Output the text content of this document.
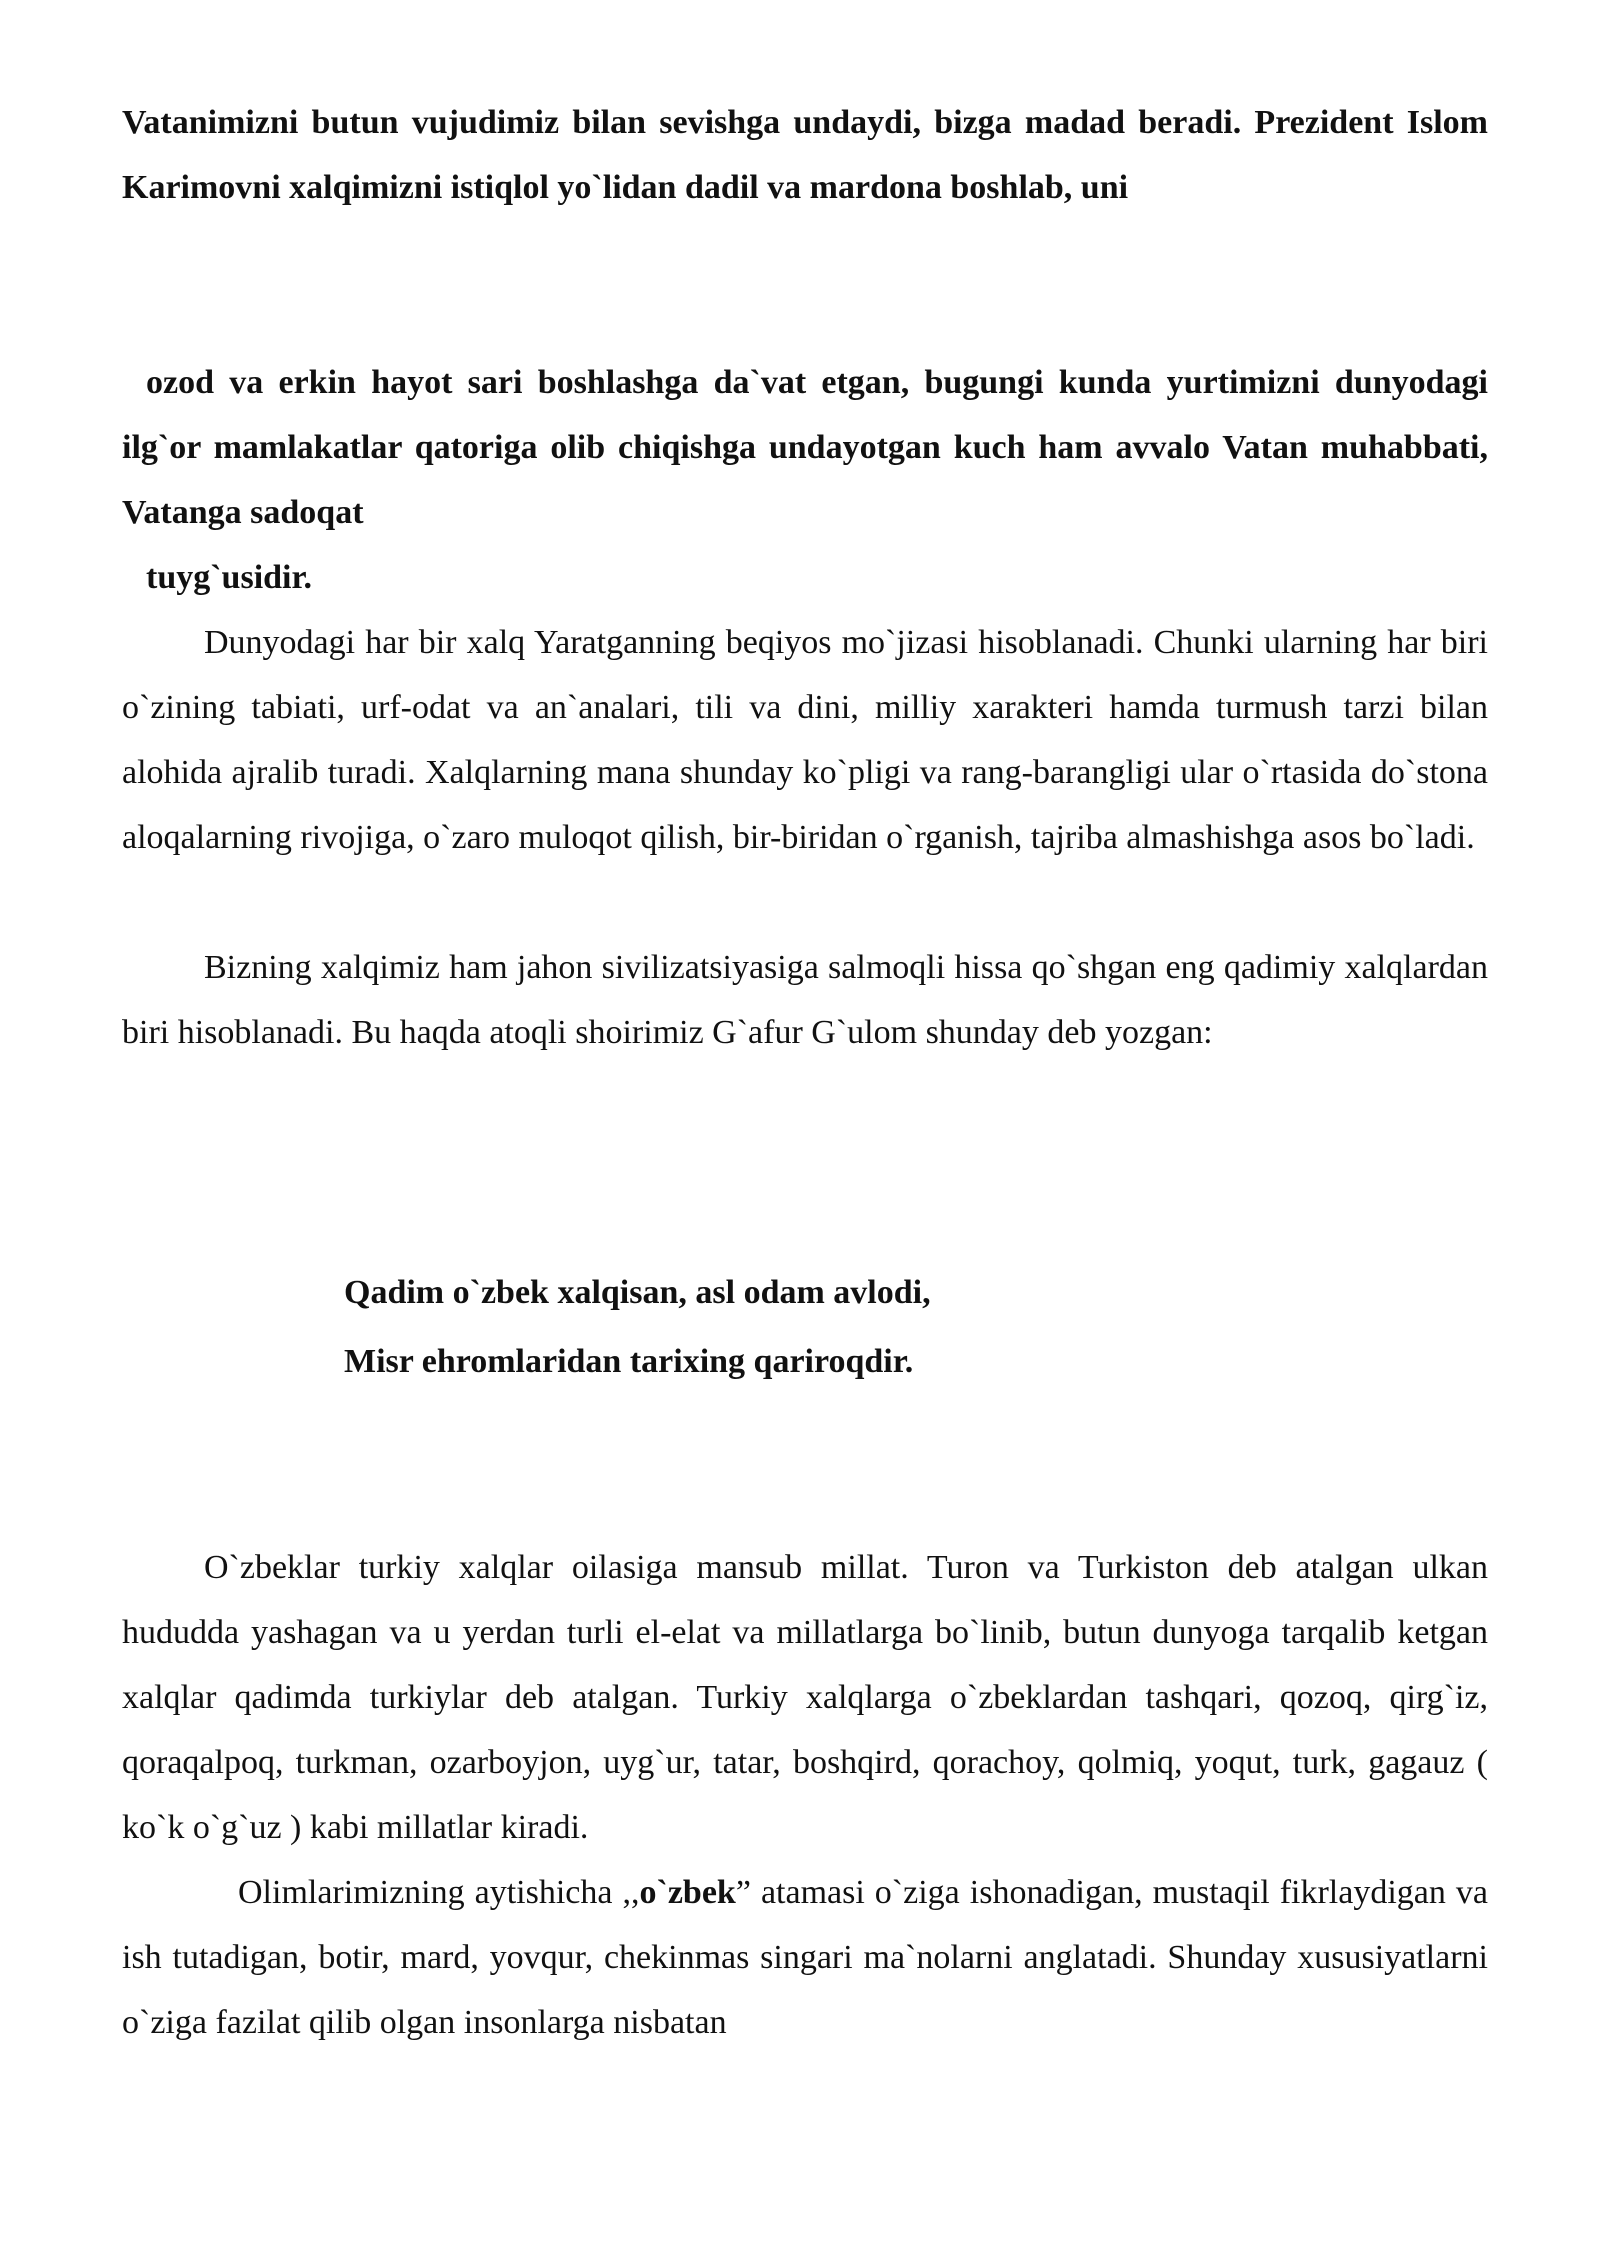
Vatanimizni butun vujudimiz bilan sevishga undaydi, bizga madad beradi. Prezident Islom Karimovni xalqimizni istiqlol yo`lidan dadil va mardona boshlab, uni

ozod va erkin hayot sari boshlashga da`vat etgan, bugungi kunda yurtimizni dunyodagi ilg`or mamlakatlar qatoriga olib chiqishga undayotgan kuch ham avvalo Vatan muhabbati, Vatanga sadoqat

tuyg`usidir.

Dunyodagi har bir xalq Yaratganning beqiyos mo`jizasi hisoblanadi. Chunki ularning har biri o`zining tabiati, urf-odat va an`analari, tili va dini, milliy xarakteri hamda turmush tarzi bilan alohida ajralib turadi. Xalqlarning mana shunday ko`pligi va rang-barangligi ular o`rtasida do`stona aloqalarning rivojiga, o`zaro muloqot qilish, bir-biridan o`rganish, tajriba almashishga asos bo`ladi.

Bizning xalqimiz ham jahon sivilizatsiyasiga salmoqli hissa qo`shgan eng qadimiy xalqlardan biri hisoblanadi. Bu haqda atoqli shoirimiz G`afur G`ulom shunday deb yozgan:

Qadim o`zbek xalqisan, asl odam avlodi,
Misr ehromlaridan tarixing qariroqdir.

O`zbeklar turkiy xalqlar oilasiga mansub millat. Turon va Turkiston deb atalgan ulkan hududda yashagan va u yerdan turli el-elat va millatlarga bo`linib, butun dunyoga tarqalib ketgan xalqlar qadimda turkiylar deb atalgan. Turkiy xalqlarga o`zbeklardan tashqari, qozoq, qirg`iz, qoraqalpoq, turkman, ozarboyjon, uyg`ur, tatar, boshqird, qorachoy, qolmiq, yoqut, turk, gagauz ( ko`k o`g`uz ) kabi millatlar kiradi.

Olimlarimizning aytishicha ,,o`zbek” atamasi o`ziga ishonadigan, mustaqil fikrlaydigan va ish tutadigan, botir, mard, yovqur, chekinmas singari ma`nolarni anglatadi. Shunday xususiyatlarni o`ziga fazilat qilib olgan insonlarga nisbatan
